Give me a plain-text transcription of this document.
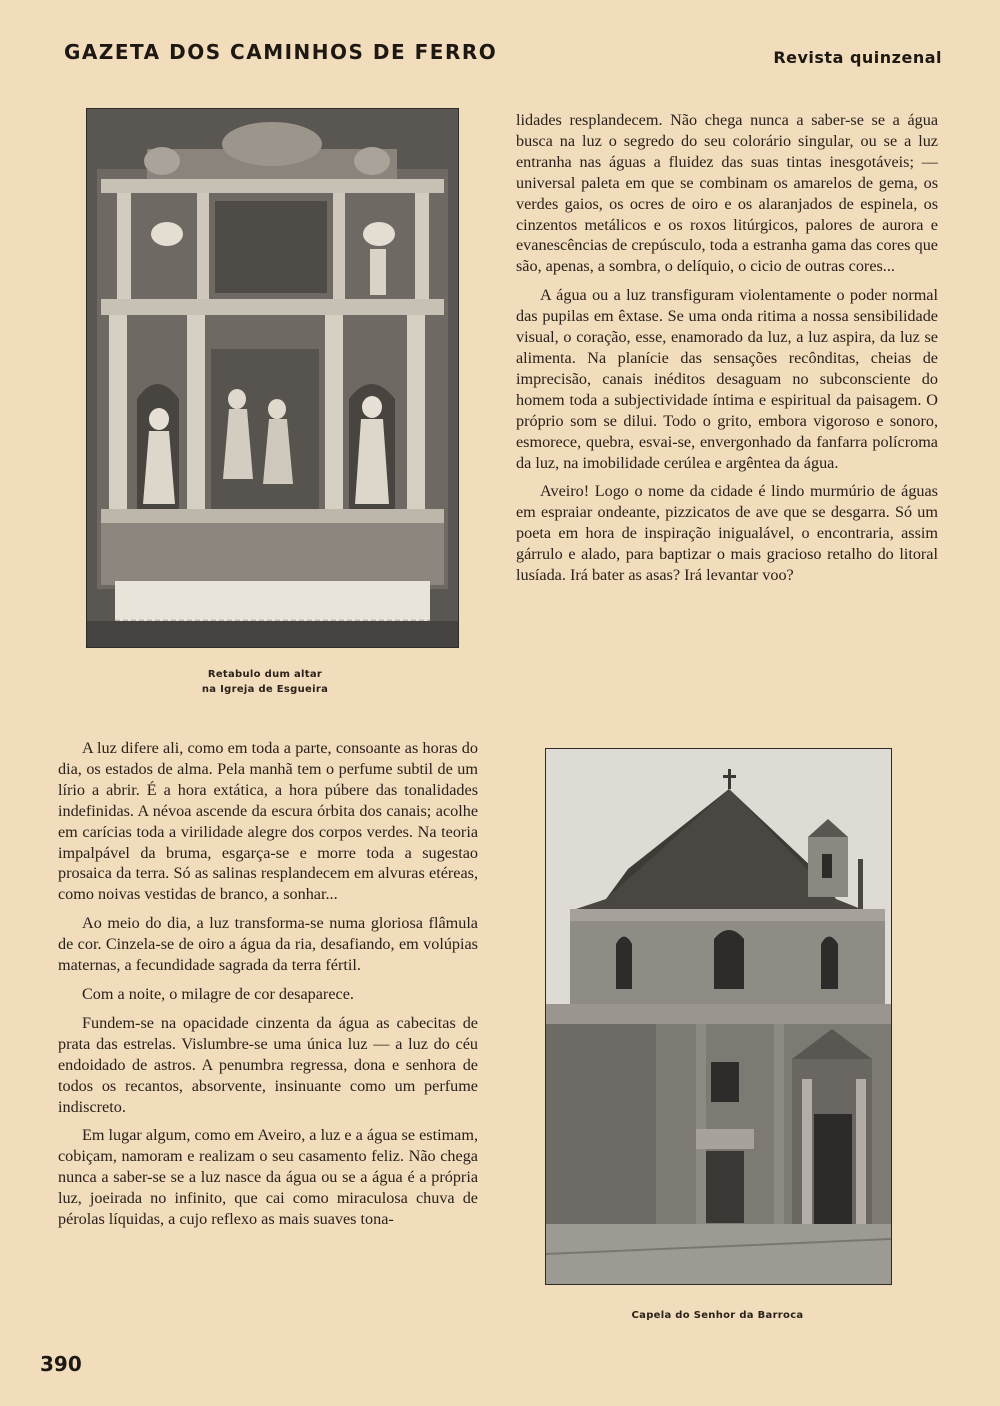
GAZETA DOS CAMINHOS DE FERRO	Revista quinzenal
Retabulo dum altar
na Igreja de Esgueira

lidades resplandecem. Não chega nunca a saber-se se a água busca na luz o segredo do seu colorário singular, ou se a luz entranha nas águas a fluidez das suas tintas inesgotáveis; — universal paleta em que se combinam os amarelos de gema, os verdes gaios, os ocres de oiro e os alaranjados de espinela, os cinzentos metálicos e os roxos litúrgicos, palores de aurora e evanescências de crepúsculo, toda a estranha gama das cores que são, apenas, a sombra, o delíquio, o cicio de outras cores...

A água ou a luz transfiguram violentamente o poder normal das pupilas em êxtase. Se uma onda ritima a nossa sensibilidade visual, o coração, esse, enamorado da luz, a luz aspira, da luz se alimenta. Na planície das sensações recônditas, cheias de imprecisão, canais inéditos desaguam no subconsciente do homem toda a subjectividade íntima e espiritual da paisagem. O próprio som se dilui. Todo o grito, embora vigoroso e sonoro, esmorece, quebra, esvai-se, envergonhado da fanfarra polícroma da luz, na imobilidade cerúlea e argêntea da água.

Aveiro! Logo o nome da cidade é lindo murmúrio de águas em espraiar ondeante, pizzicatos de ave que se desgarra. Só um poeta em hora de inspiração inigualável, o encontraria, assim gárrulo e alado, para baptizar o mais gracioso retalho do litoral lusíada. Irá bater as asas? Irá levantar voo?

A luz difere ali, como em toda a parte, consoante as horas do dia, os estados de alma. Pela manhã tem o perfume subtil de um lírio a abrir. É a hora extática, a hora púbere das tonalidades indefinidas. A névoa ascende da escura órbita dos canais; acolhe em carícias toda a virilidade alegre dos corpos verdes. Na teoria impalpável da bruma, esgarça-se e morre toda a sugestao prosaica da terra. Só as salinas resplandecem em alvuras etéreas, como noivas vestidas de branco, a sonhar...

Ao meio do dia, a luz transforma-se numa gloriosa flâmula de cor. Cinzela-se de oiro a água da ria, desafiando, em volúpias maternas, a fecundidade sagrada da terra fértil.

Com a noite, o milagre de cor desaparece.

Fundem-se na opacidade cinzenta da água as cabecitas de prata das estrelas. Vislumbre-se uma única luz — a luz do céu endoidado de astros. A penumbra regressa, dona e senhora de todos os recantos, absorvente, insinuante como um perfume indiscreto.

Em lugar algum, como em Aveiro, a luz e a água se estimam, cobiçam, namoram e realizam o seu casamento feliz. Não chega nunca a saber-se se a luz nasce da água ou se a água é a própria luz, joeirada no infinito, que cai como miraculosa chuva de pérolas líquidas, a cujo reflexo as mais suaves tona-

Capela do Senhor da Barroca
390
